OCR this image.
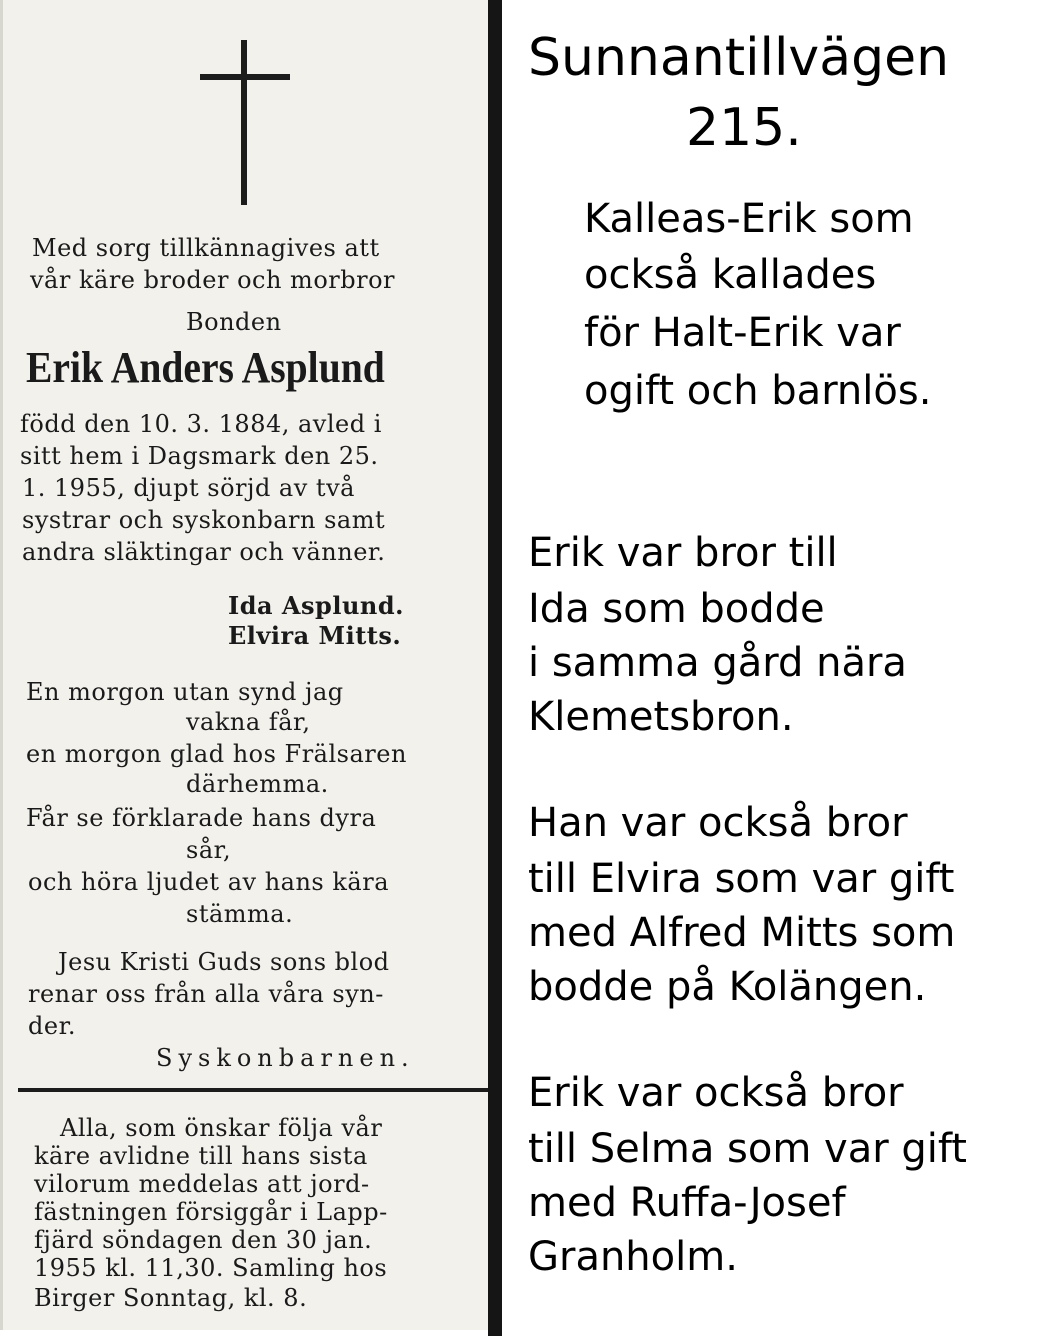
Med sorg tillkännagives att
vår käre broder och morbror
Bonden
Erik Anders Asplund
född den 10. 3. 1884, avled i
sitt hem i Dagsmark den 25.
1. 1955, djupt sörjd av två
systrar och syskonbarn samt
andra släktingar och vänner.
Ida Asplund.
Elvira Mitts.
En morgon utan synd jag
vakna får,
en morgon glad hos Frälsaren
därhemma.
Får se förklarade hans dyra
sår,
och höra ljudet av hans kära
stämma.
Jesu Kristi Guds sons blod
renar oss från alla våra syn-
der.
Syskonbarnen.
Alla, som önskar följa vår
käre avlidne till hans sista
vilorum meddelas att jord-
fästningen försiggår i Lapp-
fjärd söndagen den 30 jan.
1955 kl. 11,30. Samling hos
Birger Sonntag, kl. 8.
Sunnantillvägen
215.
Kalleas-Erik som
också kallades
för Halt-Erik var
ogift och barnlös.
Erik var bror till
Ida som bodde
i samma gård nära
Klemetsbron.
Han var också bror
till Elvira som var gift
med Alfred Mitts som
bodde på Kolängen.
Erik var också bror
till Selma som var gift
med Ruffa-Josef
Granholm.
